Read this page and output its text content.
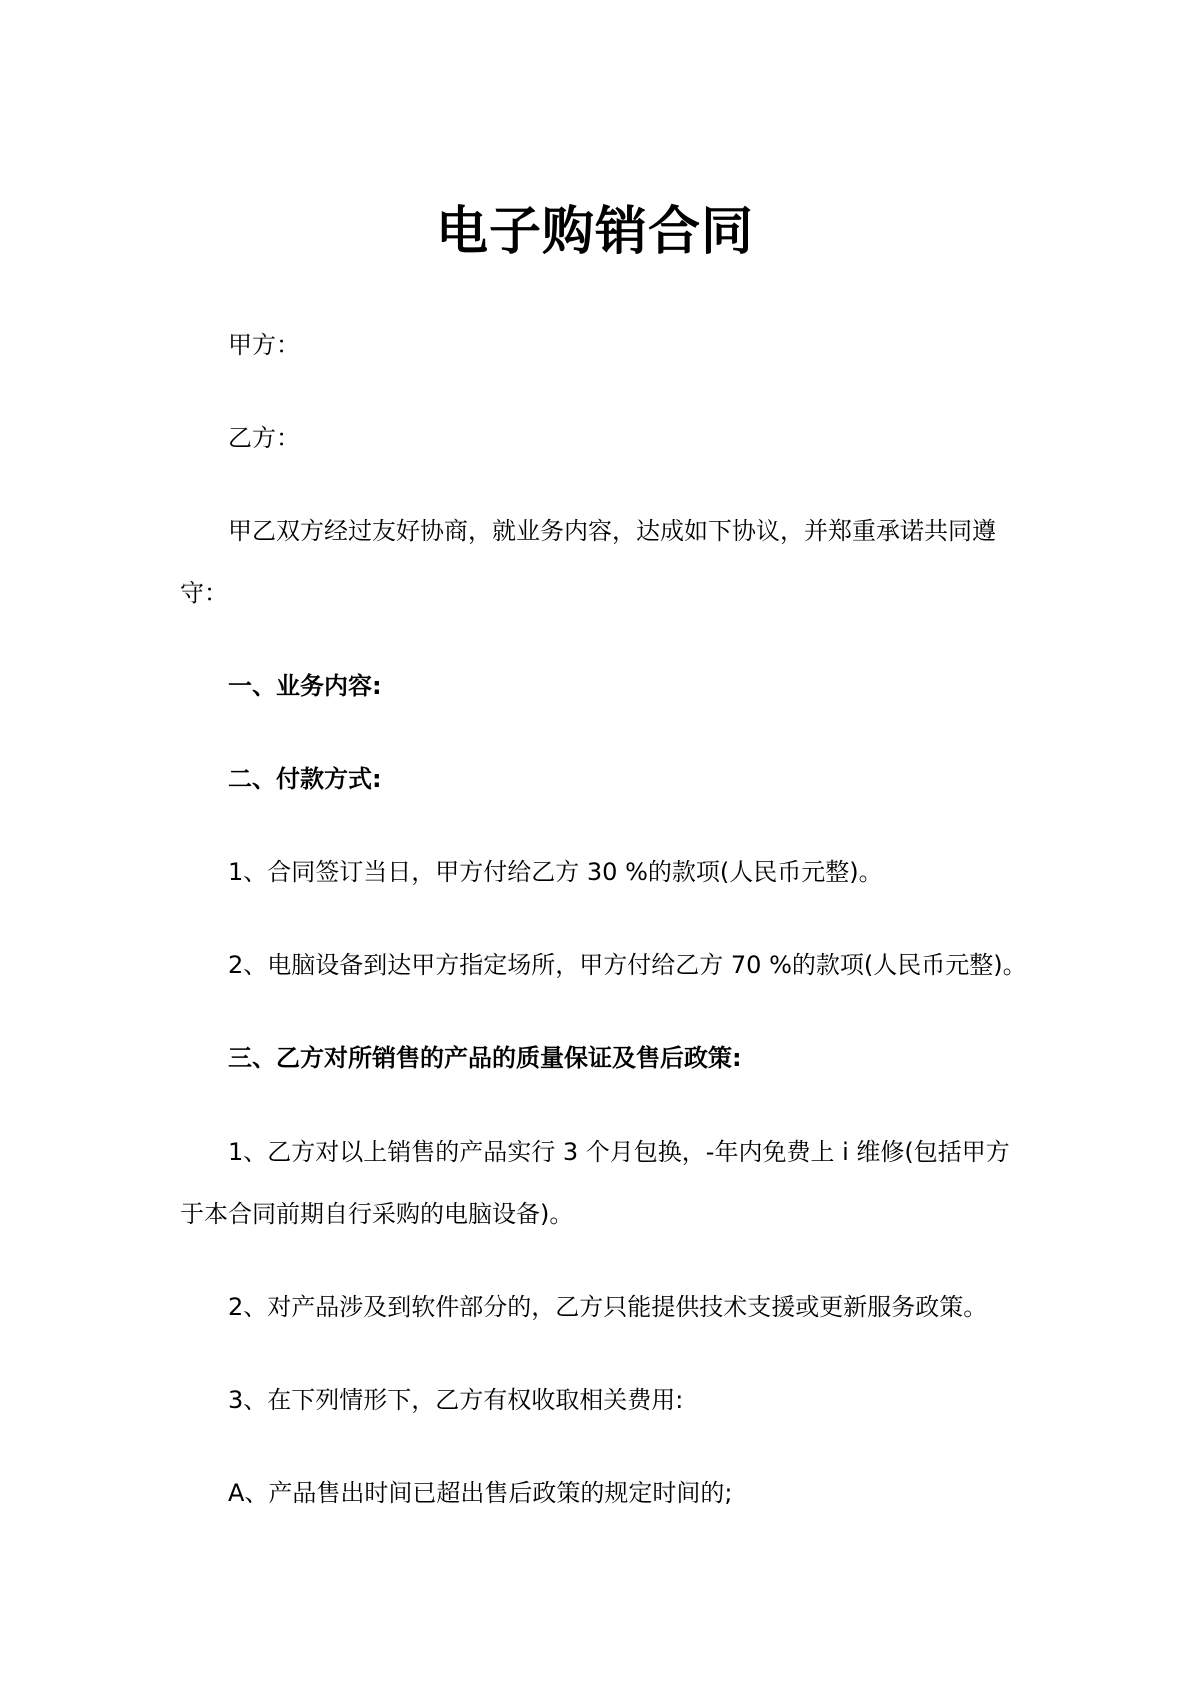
电子购销合同
甲方：
乙方：
甲乙双方经过友好协商，就业务内容，达成如下协议，并郑重承诺共同遵
守：
一、业务内容:
二、付款方式:
1、合同签订当日，甲方付给乙方 30 %的款项(人民币元整)。
2、电脑设备到达甲方指定场所，甲方付给乙方 70 %的款项(人民币元整)。
三、乙方对所销售的产品的质量保证及售后政策:
1、乙方对以上销售的产品实行 3 个月包换，-年内免费上 i 维修(包括甲方
于本合同前期自行采购的电脑设备)。
2、对产品涉及到软件部分的，乙方只能提供技术支援或更新服务政策。
3、在下列情形下，乙方有权收取相关费用:
A、产品售出时间已超出售后政策的规定时间的;
